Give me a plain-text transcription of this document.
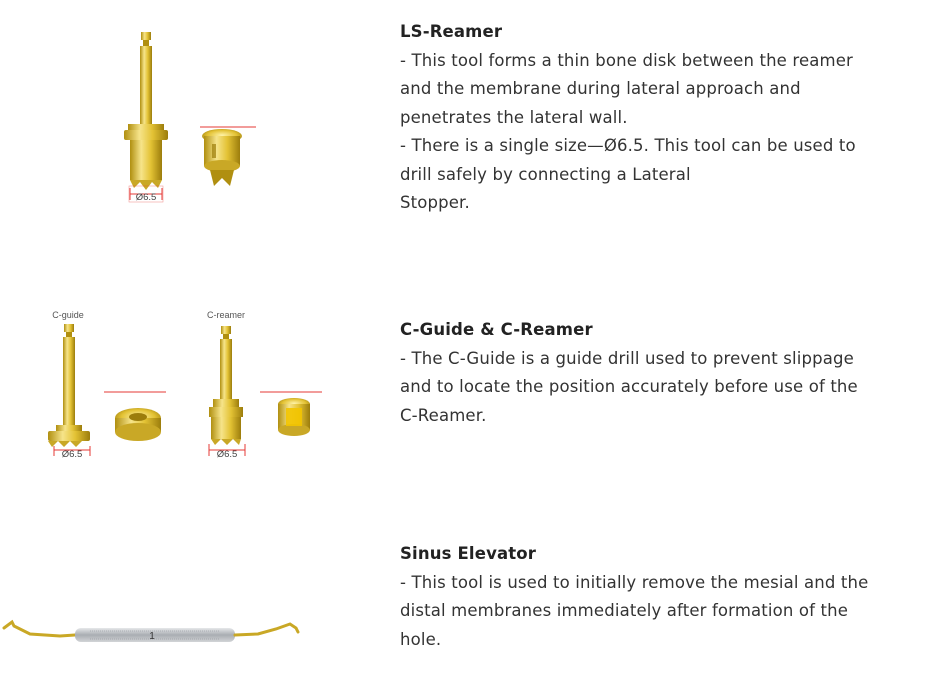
Ø6.5
LS-Reamer
- This tool forms a thin bone disk between the reamer
and the membrane during lateral approach and
penetrates the lateral wall.
- There is a single size—Ø6.5. This tool can be used to
drill safely by connecting a Lateral
Stopper.
C-guide
Ø6.5
C-reamer
Ø6.5
C-Guide & C-Reamer
- The C-Guide is a guide drill used to prevent slippage
and to locate the position accurately before use of the
C-Reamer.
1
Sinus Elevator
- This tool is used to initially remove the mesial and the
distal membranes immediately after formation of the
hole.
